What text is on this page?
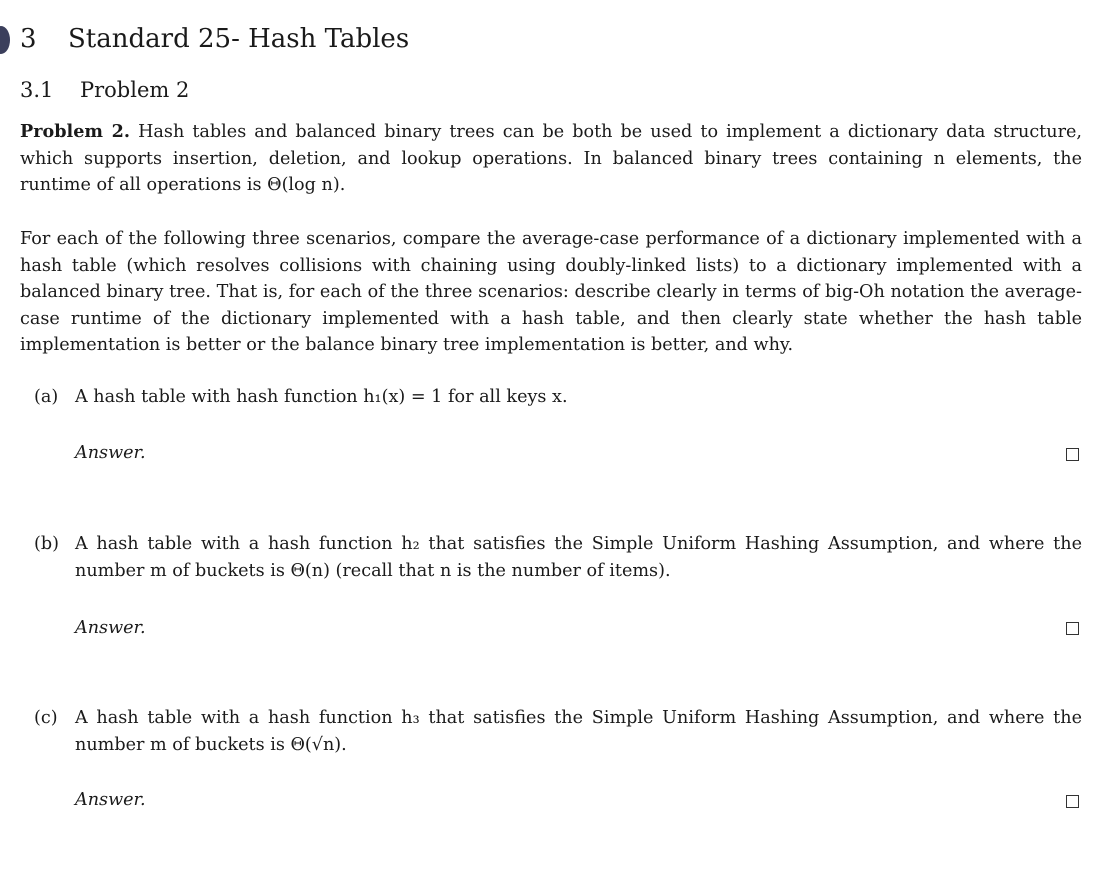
3 Standard 25- Hash Tables
3.1 Problem 2

Problem 2. Hash tables and balanced binary trees can be both be used to implement a dictionary data structure, which supports insertion, deletion, and lookup operations. In balanced binary trees containing n elements, the runtime of all operations is Θ(log n).

For each of the following three scenarios, compare the average-case performance of a dictionary implemented with a hash table (which resolves collisions with chaining using doubly-linked lists) to a dictionary implemented with a balanced binary tree. That is, for each of the three scenarios: describe clearly in terms of big-Oh notation the average-case runtime of the dictionary implemented with a hash table, and then clearly state whether the hash table implementation is better or the balance binary tree implementation is better, and why.

(a) A hash table with hash function h₁(x) = 1 for all keys x.

Answer.

(b) A hash table with a hash function h₂ that satisfies the Simple Uniform Hashing Assumption, and where the number m of buckets is Θ(n) (recall that n is the number of items).

Answer.

(c) A hash table with a hash function h₃ that satisfies the Simple Uniform Hashing Assumption, and where the number m of buckets is Θ(√n).

Answer.
